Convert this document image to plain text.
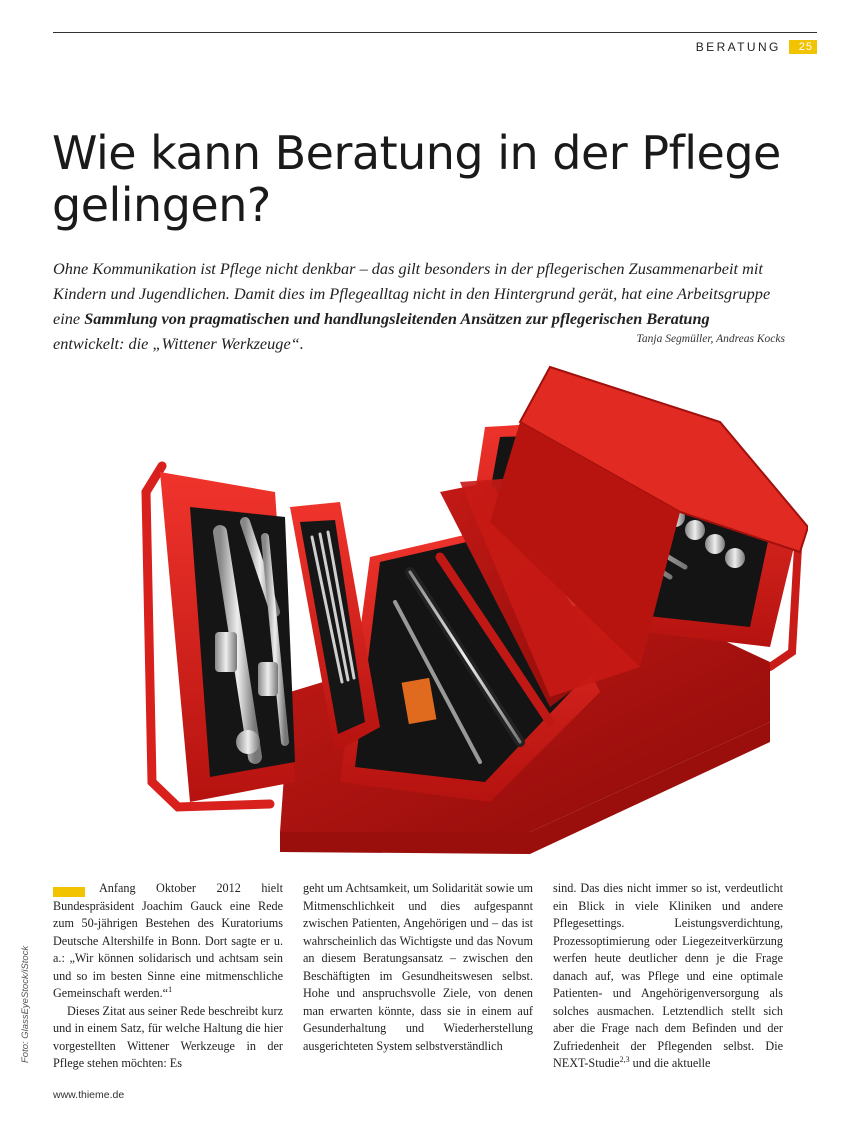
BERATUNG	25
Wie kann Beratung in der Pflege gelingen?

Ohne Kommunikation ist Pflege nicht denkbar – das gilt besonders in der pflegerischen Zusammenarbeit mit Kindern und Jugendlichen. Damit dies im Pflegealltag nicht in den Hintergrund gerät, hat eine Arbeitsgruppe eine Sammlung von pragmatischen und handlungsleitenden Ansätzen zur pflegerischen Beratung entwickelt: die „Wittener Werkzeuge“.	Tanja Segmüller, Andreas Kocks
Foto: GlassEyeStock/iStock

Anfang Oktober 2012 hielt Bundespräsident Joachim Gauck eine Rede zum 50-jährigen Bestehen des Kuratoriums Deutsche Altershilfe in Bonn. Dort sagte er u. a.: „Wir können solidarisch und achtsam sein und so im besten Sinne eine mitmenschliche Gemeinschaft werden.“$^1$

Dieses Zitat aus seiner Rede beschreibt kurz und in einem Satz, für welche Haltung die hier vorgestellten Wittener Werkzeuge in der Pflege stehen möchten: Es

geht um Achtsamkeit, um Solidarität sowie um Mitmenschlichkeit und dies aufgespannt zwischen Patienten, Angehörigen und – das ist wahrscheinlich das Wichtigste und das Novum an diesem Beratungsansatz – zwischen den Beschäftigten im Gesundheitswesen selbst. Hohe und anspruchsvolle Ziele, von denen man erwarten könnte, dass sie in einem auf Gesunderhaltung und Wiederherstellung ausgerichteten System selbstverständlich

sind. Das dies nicht immer so ist, verdeutlicht ein Blick in viele Kliniken und andere Pflegesettings. Leistungsverdichtung, Prozessoptimierung oder Liegezeitverkürzung werfen heute deutlicher denn je die Frage danach auf, was Pflege und eine optimale Patienten- und Angehörigenversorgung als solches ausmachen. Letztendlich stellt sich aber die Frage nach dem Befinden und der Zufriedenheit der Pflegenden selbst. Die NEXT-Studie$^{2,3}$ und die aktuelle

www.thieme.de
